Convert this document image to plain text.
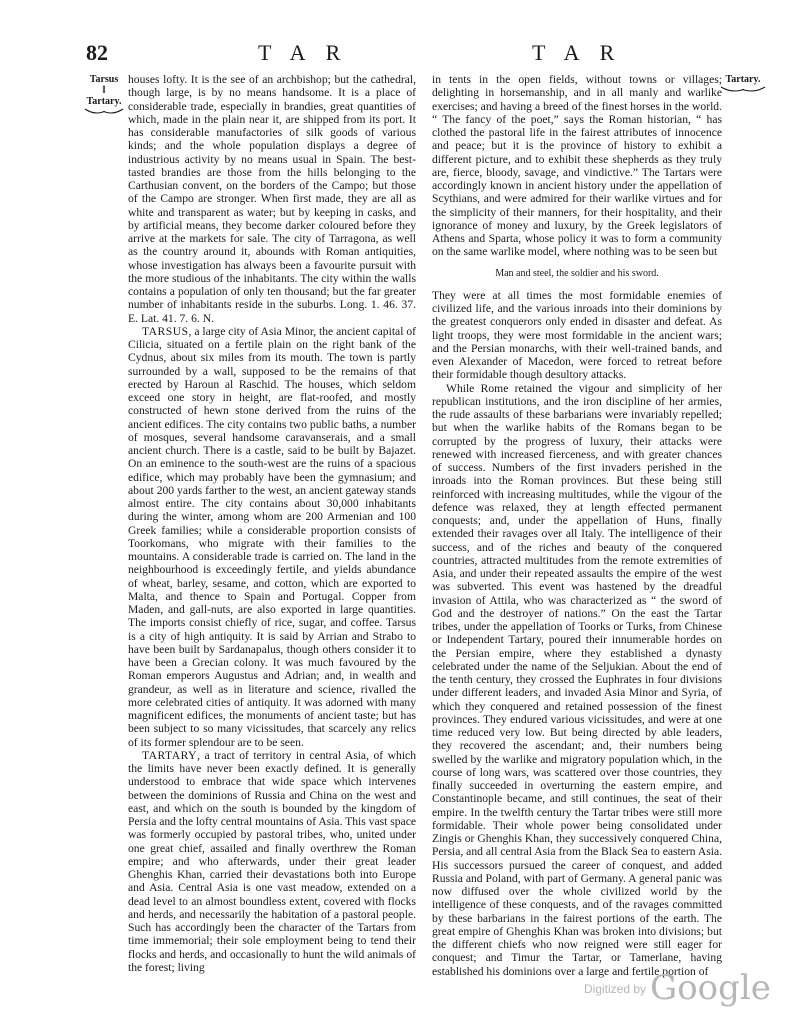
82	TAR	TAR
Tarsus
‖
Tartary.
Tartary.

houses lofty. It is the see of an archbishop; but the cathedral, though large, is by no means handsome. It is a place of considerable trade, especially in brandies, great quantities of which, made in the plain near it, are shipped from its port. It has considerable manufactories of silk goods of various kinds; and the whole population displays a degree of industrious activity by no means usual in Spain. The best-tasted brandies are those from the hills belonging to the Carthusian convent, on the borders of the Campo; but those of the Campo are stronger. When first made, they are all as white and transparent as water; but by keeping in casks, and by artificial means, they become darker coloured before they arrive at the markets for sale. The city of Tarragona, as well as the country around it, abounds with Roman antiquities, whose investigation has always been a favourite pursuit with the more studious of the inhabitants. The city within the walls contains a population of only ten thousand; but the far greater number of inhabitants reside in the suburbs. Long. 1. 46. 37. E. Lat. 41. 7. 6. N.

TARSUS, a large city of Asia Minor, the ancient capital of Cilicia, situated on a fertile plain on the right bank of the Cydnus, about six miles from its mouth. The town is partly surrounded by a wall, supposed to be the remains of that erected by Haroun al Raschid. The houses, which seldom exceed one story in height, are flat-roofed, and mostly constructed of hewn stone derived from the ruins of the ancient edifices. The city contains two public baths, a number of mosques, several handsome caravanserais, and a small ancient church. There is a castle, said to be built by Bajazet. On an eminence to the south-west are the ruins of a spacious edifice, which may probably have been the gymnasium; and about 200 yards farther to the west, an ancient gateway stands almost entire. The city contains about 30,000 inhabitants during the winter, among whom are 200 Armenian and 100 Greek families; while a considerable proportion consists of Toorkomans, who migrate with their families to the mountains. A considerable trade is carried on. The land in the neighbourhood is exceedingly fertile, and yields abundance of wheat, barley, sesame, and cotton, which are exported to Malta, and thence to Spain and Portugal. Copper from Maden, and gall-nuts, are also exported in large quantities. The imports consist chiefly of rice, sugar, and coffee. Tarsus is a city of high antiquity. It is said by Arrian and Strabo to have been built by Sardanapalus, though others consider it to have been a Grecian colony. It was much favoured by the Roman emperors Augustus and Adrian; and, in wealth and grandeur, as well as in literature and science, rivalled the more celebrated cities of antiquity. It was adorned with many magnificent edifices, the monuments of ancient taste; but has been subject to so many vicissitudes, that scarcely any relics of its former splendour are to be seen.

TARTARY, a tract of territory in central Asia, of which the limits have never been exactly defined. It is generally understood to embrace that wide space which intervenes between the dominions of Russia and China on the west and east, and which on the south is bounded by the kingdom of Persia and the lofty central mountains of Asia. This vast space was formerly occupied by pastoral tribes, who, united under one great chief, assailed and finally overthrew the Roman empire; and who afterwards, under their great leader Ghenghis Khan, carried their devastations both into Europe and Asia. Central Asia is one vast meadow, extended on a dead level to an almost boundless extent, covered with flocks and herds, and necessarily the habitation of a pastoral people. Such has accordingly been the character of the Tartars from time immemorial; their sole employment being to tend their flocks and herds, and occasionally to hunt the wild animals of the forest; living

in tents in the open fields, without towns or villages; delighting in horsemanship, and in all manly and warlike exercises; and having a breed of the finest horses in the world. “ The fancy of the poet,” says the Roman historian, “ has clothed the pastoral life in the fairest attributes of innocence and peace; but it is the province of history to exhibit a different picture, and to exhibit these shepherds as they truly are, fierce, bloody, savage, and vindictive.” The Tartars were accordingly known in ancient history under the appellation of Scythians, and were admired for their warlike virtues and for the simplicity of their manners, for their hospitality, and their ignorance of money and luxury, by the Greek legislators of Athens and Sparta, whose policy it was to form a community on the same warlike model, where nothing was to be seen but

Man and steel, the soldier and his sword.

They were at all times the most formidable enemies of civilized life, and the various inroads into their dominions by the greatest conquerors only ended in disaster and defeat. As light troops, they were most formidable in the ancient wars; and the Persian monarchs, with their well-trained bands, and even Alexander of Macedon, were forced to retreat before their formidable though desultory attacks.

While Rome retained the vigour and simplicity of her republican institutions, and the iron discipline of her armies, the rude assaults of these barbarians were invariably repelled; but when the warlike habits of the Romans began to be corrupted by the progress of luxury, their attacks were renewed with increased fierceness, and with greater chances of success. Numbers of the first invaders perished in the inroads into the Roman provinces. But these being still reinforced with increasing multitudes, while the vigour of the defence was relaxed, they at length effected permanent conquests; and, under the appellation of Huns, finally extended their ravages over all Italy. The intelligence of their success, and of the riches and beauty of the conquered countries, attracted multitudes from the remote extremities of Asia, and under their repeated assaults the empire of the west was subverted. This event was hastened by the dreadful invasion of Attila, who was characterized as “ the sword of God and the destroyer of nations.” On the east the Tartar tribes, under the appellation of Toorks or Turks, from Chinese or Independent Tartary, poured their innumerable hordes on the Persian empire, where they established a dynasty celebrated under the name of the Seljukian. About the end of the tenth century, they crossed the Euphrates in four divisions under different leaders, and invaded Asia Minor and Syria, of which they conquered and retained possession of the finest provinces. They endured various vicissitudes, and were at one time reduced very low. But being directed by able leaders, they recovered the ascendant; and, their numbers being swelled by the warlike and migratory population which, in the course of long wars, was scattered over those countries, they finally succeeded in overturning the eastern empire, and Constantinople became, and still continues, the seat of their empire. In the twelfth century the Tartar tribes were still more formidable. Their whole power being consolidated under Zingis or Ghenghis Khan, they successively conquered China, Persia, and all central Asia from the Black Sea to eastern Asia. His successors pursued the career of conquest, and added Russia and Poland, with part of Germany. A general panic was now diffused over the whole civilized world by the intelligence of these conquests, and of the ravages committed by these barbarians in the fairest portions of the earth. The great empire of Ghenghis Khan was broken into divisions; but the different chiefs who now reigned were still eager for conquest; and Timur the Tartar, or Tamerlane, having established his dominions over a large and fertile portion of

$^{Digitized by}$ Google
